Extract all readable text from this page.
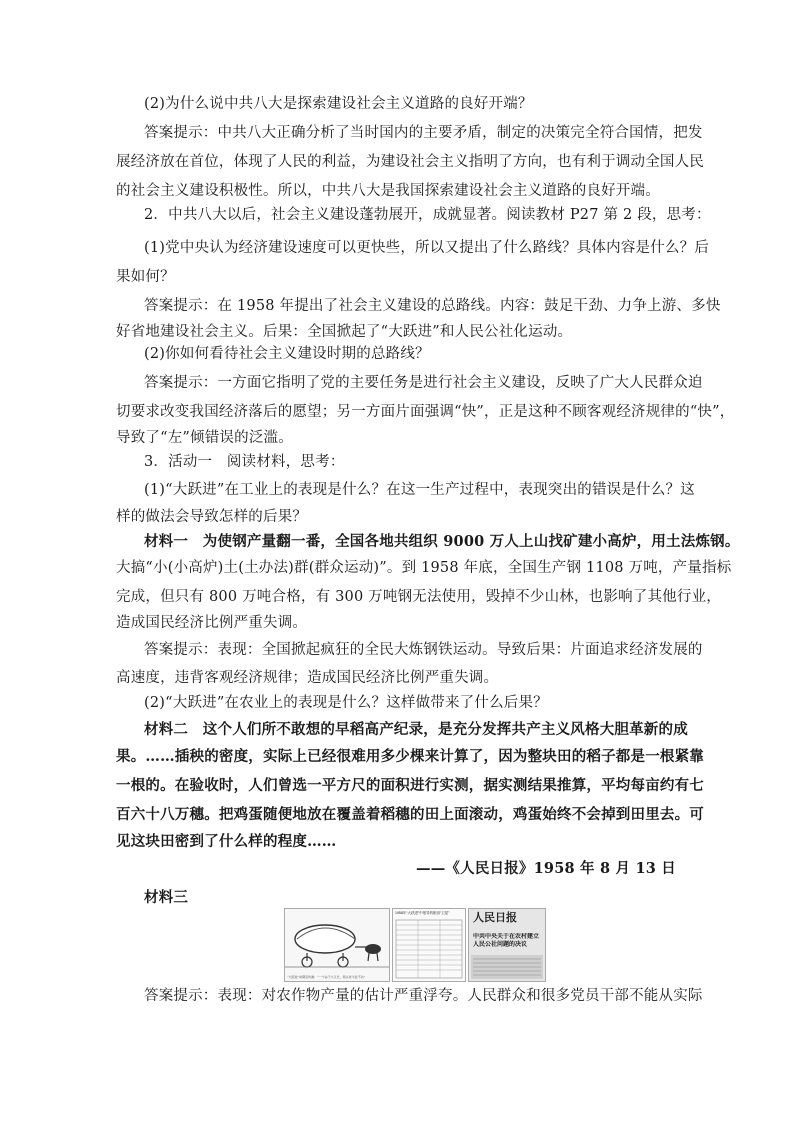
(2)为什么说中共八大是探索建设社会主义道路的良好开端？
答案提示：中共八大正确分析了当时国内的主要矛盾，制定的决策完全符合国情，把发
展经济放在首位，体现了人民的利益，为建设社会主义指明了方向，也有利于调动全国人民
的社会主义建设积极性。所以，中共八大是我国探索建设社会主义道路的良好开端。
2．中共八大以后，社会主义建设蓬勃展开，成就显著。阅读教材 P27 第 2 段，思考：
(1)党中央认为经济建设速度可以更快些，所以又提出了什么路线？具体内容是什么？后
果如何？
答案提示：在 1958 年提出了社会主义建设的总路线。内容：鼓足干劲、力争上游、多快
好省地建设社会主义。后果：全国掀起了“大跃进”和人民公社化运动。
(2)你如何看待社会主义建设时期的总路线？
答案提示：一方面它指明了党的主要任务是进行社会主义建设，反映了广大人民群众迫
切要求改变我国经济落后的愿望；另一方面片面强调“快”，正是这种不顾客观经济规律的“快”，
导致了“左”倾错误的泛滥。
3．活动一　阅读材料，思考：
(1)“大跃进”在工业上的表现是什么？在这一生产过程中，表现突出的错误是什么？这
样的做法会导致怎样的后果？
材料一　为使钢产量翻一番，全国各地共组织 9000 万人上山找矿建小高炉，用土法炼钢。
大搞“小(小高炉)土(土办法)群(群众运动)”。到 1958 年底，全国生产钢 1108 万吨，产量指标
完成，但只有 800 万吨合格，有 300 万吨钢无法使用，毁掉不少山林，也影响了其他行业，
造成国民经济比例严重失调。
答案提示：表现：全国掀起疯狂的全民大炼钢铁运动。导致后果：片面追求经济发展的
高速度，违背客观经济规律；造成国民经济比例严重失调。
(2)“大跃进”在农业上的表现是什么？这样做带来了什么后果？
材料二　这个人们所不敢想的早稻高产纪录，是充分发挥共产主义风格大胆革新的成
果。……插秧的密度，实际上已经很难用多少棵来计算了，因为整块田的稻子都是一根紧靠
一根的。在验收时，人们曾选一平方尺的面积进行实测，据实测结果推算，平均每亩约有七
百六十八万穗。把鸡蛋随便地放在覆盖着稻穗的田上面滚动，鸡蛋始终不会掉到田里去。可
见这块田密到了什么样的程度……
——《人民日报》1958 年 8 月 13 日
材料三
“大跃进”时期宣传画：“一个谷子大又长，两头老牛拉不动”
1958年“大跃进”中报导的粮食“卫星”	人民日报
中共中央关于在农村建立人民公社问题的决议
答案提示：表现：对农作物产量的估计严重浮夸。人民群众和很多党员干部不能从实际
